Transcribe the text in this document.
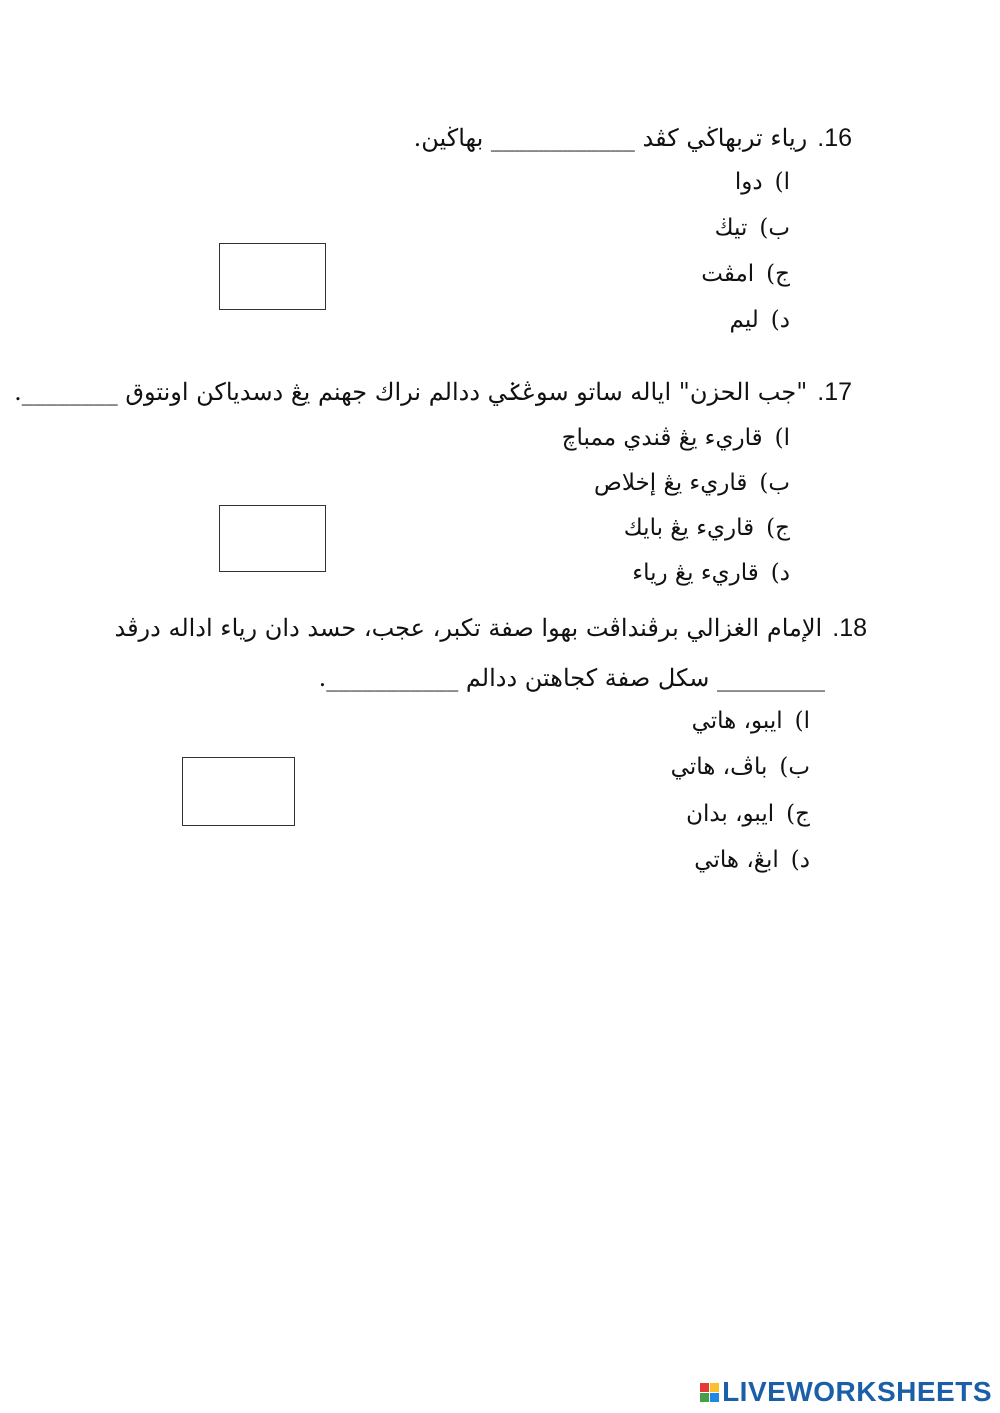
16.ريا‌ء تربهاڬي كڤد ____________ بهاڬين.
ا)دوا
ب)تيڬ
ج)امڤت
د)ليم
17."جب الحزن" اياله ساتو سوڠݢي ددالم نراك جهنم يڠ دسدياكن اونتوق ________.
ا)قاريء يڠ ڤندي ممباچ
ب)قاريء يڠ إخلاص
ج)قاريء يڠ بايك
د)قاريء يڠ ريا‌ء
18.الإمام الغزالي برڤنداڤت بهوا صفة تكبر، عجب، حسد دان ريا‌ء اداله درڤد
_________ سكل صفة كجاهتن ددالم ___________.
ا)ايبو، هاتي
ب)باڤ، هاتي
ج)ايبو، بدان
د)ابڠ، هاتي
LIVEWORKSHEETS
